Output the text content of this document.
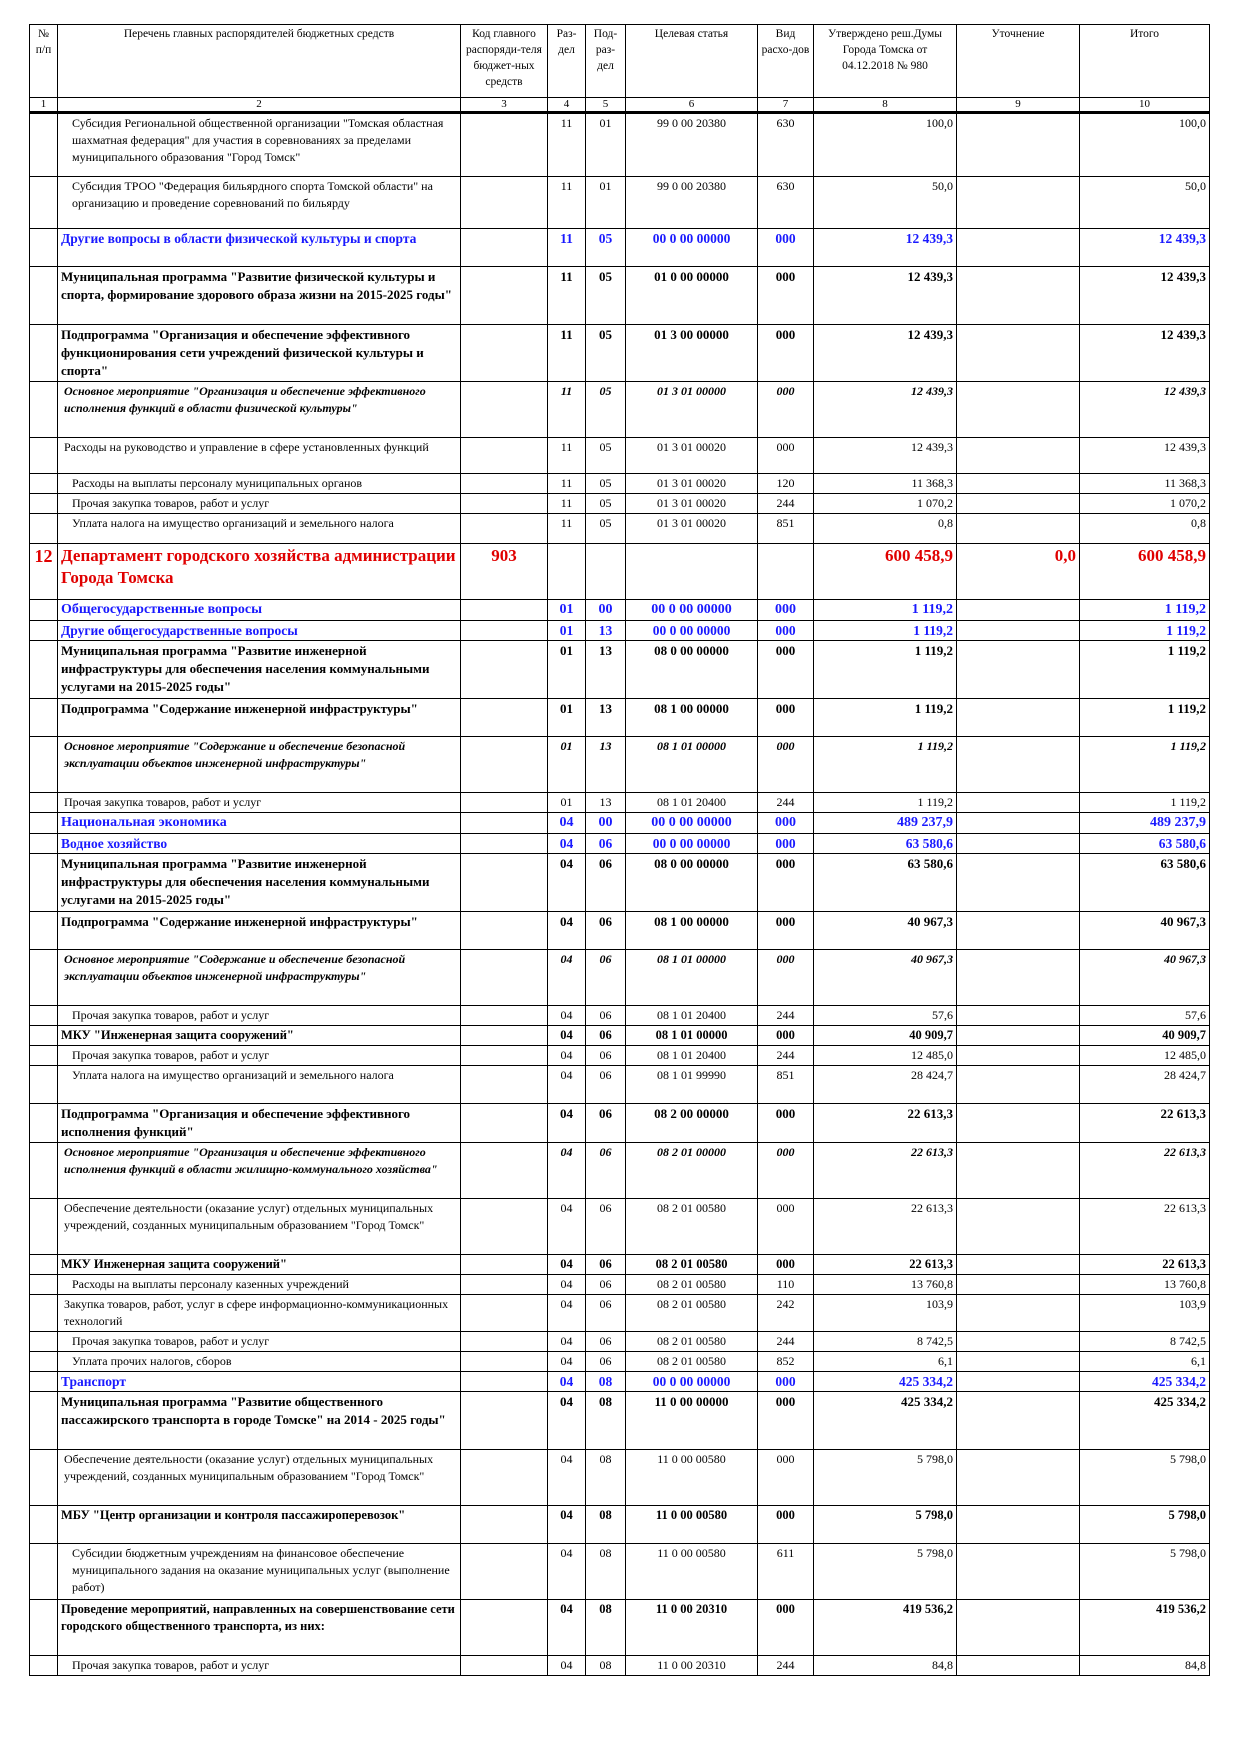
№ п/п	Перечень главных распорядителей бюджетных средств	Код главного распоряди-теля бюджет-ных средств	Раз-дел	Под-раз-дел	Целевая статья	Вид расхо-дов	Утверждено реш.Думы Города Томска от 04.12.2018 № 980	Уточнение	Итого
1	2	3	4	5	6	7	8	9	10
	Субсидия Региональной общественной организации "Томская областная шахматная федерация" для участия в соревнованиях за пределами муниципального образования "Город Томск"		11	01	99 0 00 20380	630	100,0		100,0
	Субсидия ТРОО "Федерация бильярдного спорта Томской области" на организацию и проведение соревнований по бильярду		11	01	99 0 00 20380	630	50,0		50,0
	Другие вопросы в области физической культуры и спорта		11	05	00 0 00 00000	000	12 439,3		12 439,3
	Муниципальная программа "Развитие физической культуры и спорта, формирование здорового образа жизни на 2015-2025 годы"		11	05	01 0 00 00000	000	12 439,3		12 439,3
	Подпрограмма "Организация и обеспечение эффективного функционирования сети учреждений физической культуры и спорта"		11	05	01 3 00 00000	000	12 439,3		12 439,3
	Основное мероприятие "Организация и обеспечение эффективного исполнения функций в области физической культуры"		11	05	01 3 01 00000	000	12 439,3		12 439,3
	Расходы на руководство и управление в сфере установленных функций		11	05	01 3 01 00020	000	12 439,3		12 439,3
	Расходы на выплаты персоналу муниципальных органов		11	05	01 3 01 00020	120	11 368,3		11 368,3
	Прочая закупка товаров, работ и услуг		11	05	01 3 01 00020	244	1 070,2		1 070,2
	Уплата налога на имущество организаций и земельного налога		11	05	01 3 01 00020	851	0,8		0,8
12	Департамент городского хозяйства администрации Города Томска	903					600 458,9	0,0	600 458,9
	Общегосударственные вопросы		01	00	00 0 00 00000	000	1 119,2		1 119,2
	Другие общегосударственные вопросы		01	13	00 0 00 00000	000	1 119,2		1 119,2
	Муниципальная программа "Развитие инженерной инфраструктуры для обеспечения населения коммунальными услугами на 2015-2025 годы"		01	13	08 0 00 00000	000	1 119,2		1 119,2
	Подпрограмма "Содержание инженерной инфраструктуры"		01	13	08 1 00 00000	000	1 119,2		1 119,2
	Основное мероприятие "Содержание и обеспечение безопасной эксплуатации объектов инженерной инфраструктуры"		01	13	08 1 01 00000	000	1 119,2		1 119,2
	Прочая закупка товаров, работ и услуг		01	13	08 1 01 20400	244	1 119,2		1 119,2
	Национальная экономика		04	00	00 0 00 00000	000	489 237,9		489 237,9
	Водное хозяйство		04	06	00 0 00 00000	000	63 580,6		63 580,6
	Муниципальная программа "Развитие инженерной инфраструктуры для обеспечения населения коммунальными услугами на 2015-2025 годы"		04	06	08 0 00 00000	000	63 580,6		63 580,6
	Подпрограмма "Содержание инженерной инфраструктуры"		04	06	08 1 00 00000	000	40 967,3		40 967,3
	Основное мероприятие "Содержание и обеспечение безопасной эксплуатации объектов инженерной инфраструктуры"		04	06	08 1 01 00000	000	40 967,3		40 967,3
	Прочая закупка товаров, работ и услуг		04	06	08 1 01 20400	244	57,6		57,6
	МКУ "Инженерная защита сооружений"		04	06	08 1 01 00000	000	40 909,7		40 909,7
	Прочая закупка товаров, работ и услуг		04	06	08 1 01 20400	244	12 485,0		12 485,0
	Уплата налога на имущество организаций и земельного налога		04	06	08 1 01 99990	851	28 424,7		28 424,7
	Подпрограмма "Организация и обеспечение эффективного исполнения функций"		04	06	08 2 00 00000	000	22 613,3		22 613,3
	Основное мероприятие "Организация и обеспечение эффективного исполнения функций в области жилищно-коммунального хозяйства"		04	06	08 2 01 00000	000	22 613,3		22 613,3
	Обеспечение деятельности (оказание услуг) отдельных муниципальных учреждений, созданных муниципальным образованием "Город Томск"		04	06	08 2 01 00580	000	22 613,3		22 613,3
	МКУ Инженерная защита сооружений"		04	06	08 2 01 00580	000	22 613,3		22 613,3
	Расходы на выплаты персоналу казенных учреждений		04	06	08 2 01 00580	110	13 760,8		13 760,8
	Закупка товаров, работ, услуг в сфере информационно-коммуникационных технологий		04	06	08 2 01 00580	242	103,9		103,9
	Прочая закупка товаров, работ и услуг		04	06	08 2 01 00580	244	8 742,5		8 742,5
	Уплата прочих налогов, сборов		04	06	08 2 01 00580	852	6,1		6,1
	Транспорт		04	08	00 0 00 00000	000	425 334,2		425 334,2
	Муниципальная программа "Развитие общественного пассажирского транспорта в городе Томске" на 2014 - 2025 годы"		04	08	11 0 00 00000	000	425 334,2		425 334,2
	Обеспечение деятельности (оказание услуг) отдельных муниципальных учреждений, созданных муниципальным образованием "Город Томск"		04	08	11 0 00 00580	000	5 798,0		5 798,0
	МБУ "Центр организации и контроля пассажироперевозок"		04	08	11 0 00 00580	000	5 798,0		5 798,0
	Субсидии бюджетным учреждениям на финансовое обеспечение муниципального задания на оказание муниципальных услуг (выполнение работ)		04	08	11 0 00 00580	611	5 798,0		5 798,0
	Проведение мероприятий, направленных на совершенствование сети городского общественного транспорта, из них:		04	08	11 0 00 20310	000	419 536,2		419 536,2
	Прочая закупка товаров, работ и услуг		04	08	11 0 00 20310	244	84,8		84,8
